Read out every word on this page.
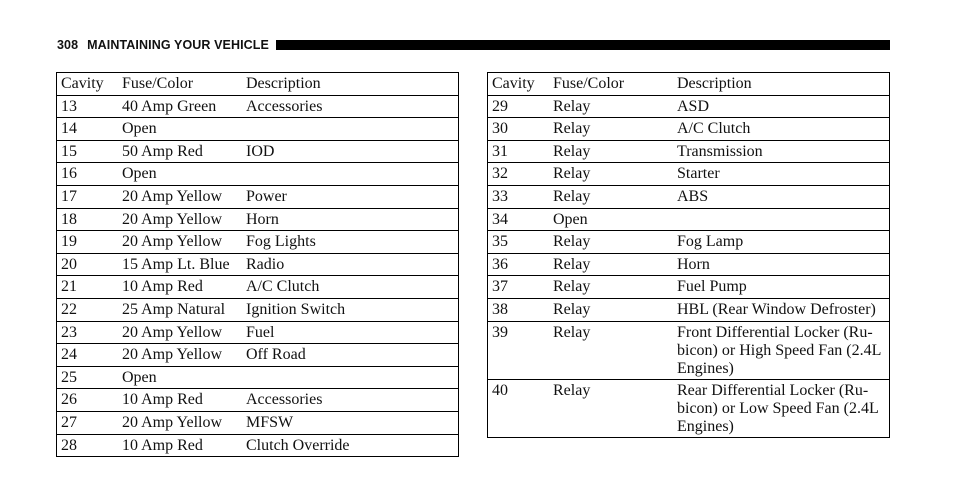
308 MAINTAINING YOUR VEHICLE
Cavity	Fuse/Color	Description

13	40 Amp Green	Accessories

14	Open

15	50 Amp Red	IOD

16	Open

17	20 Amp Yellow	Power

18	20 Amp Yellow	Horn

19	20 Amp Yellow	Fog Lights

20	15 Amp Lt. Blue	Radio

21	10 Amp Red	A/C Clutch

22	25 Amp Natural	Ignition Switch

23	20 Amp Yellow	Fuel

24	20 Amp Yellow	Off Road

25	Open

26	10 Amp Red	Accessories

27	20 Amp Yellow	MFSW

28	10 Amp Red	Clutch Override
Cavity	Fuse/Color	Description

29	Relay	ASD

30	Relay	A/C Clutch

31	Relay	Transmission

32	Relay	Starter

33	Relay	ABS

34	Open

35	Relay	Fog Lamp

36	Relay	Horn

37	Relay	Fuel Pump

38	Relay	HBL (Rear Window Defroster)

39	Relay	Front Differential Locker (Ru-bicon) or High Speed Fan (2.4L Engines)

40	Relay	Rear Differential Locker (Ru-bicon) or Low Speed Fan (2.4L Engines)
